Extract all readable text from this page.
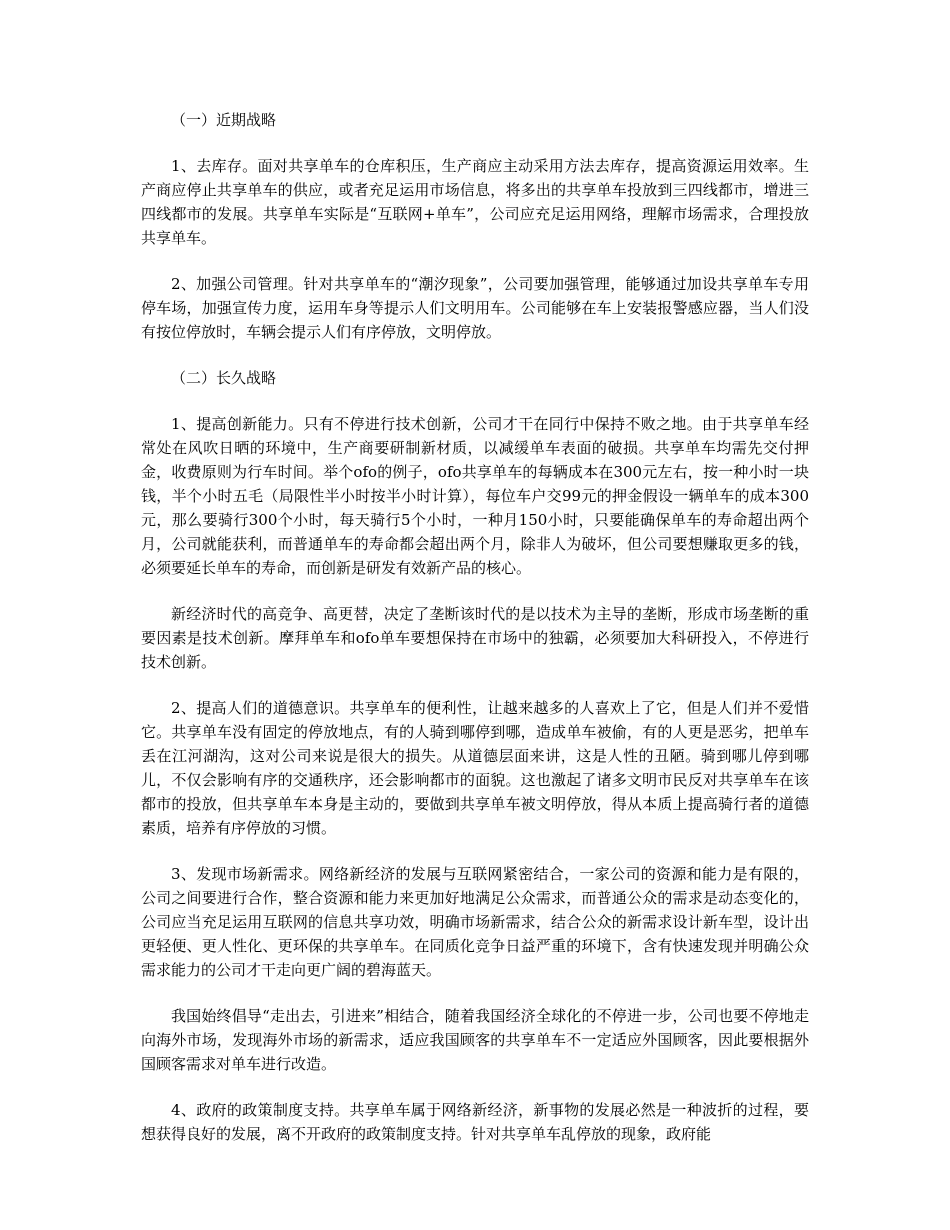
（一）近期战略

1、去库存。面对共享单车的仓库积压，生产商应主动采用方法去库存，提高资源运用效率。生产商应停止共享单车的供应，或者充足运用市场信息，将多出的共享单车投放到三四线都市，增进三四线都市的发展。共享单车实际是“互联网+单车”，公司应充足运用网络，理解市场需求，合理投放共享单车。

2、加强公司管理。针对共享单车的“潮汐现象”，公司要加强管理，能够通过加设共享单车专用停车场，加强宣传力度，运用车身等提示人们文明用车。公司能够在车上安装报警感应器，当人们没有按位停放时，车辆会提示人们有序停放，文明停放。

（二）长久战略

1、提高创新能力。只有不停进行技术创新，公司才干在同行中保持不败之地。由于共享单车经常处在风吹日晒的环境中，生产商要研制新材质，以减缓单车表面的破损。共享单车均需先交付押金，收费原则为行车时间。举个ofo的例子，ofo共享单车的每辆成本在300元左右，按一种小时一块钱，半个小时五毛（局限性半小时按半小时计算），每位车户交99元的押金假设一辆单车的成本300元，那么要骑行300个小时，每天骑行5个小时，一种月150小时，只要能确保单车的寿命超出两个月，公司就能获利，而普通单车的寿命都会超出两个月，除非人为破坏，但公司要想赚取更多的钱，必须要延长单车的寿命，而创新是研发有效新产品的核心。

新经济时代的高竞争、高更替，决定了垄断该时代的是以技术为主导的垄断，形成市场垄断的重要因素是技术创新。摩拜单车和ofo单车要想保持在市场中的独霸，必须要加大科研投入，不停进行技术创新。

2、提高人们的道德意识。共享单车的便利性，让越来越多的人喜欢上了它，但是人们并不爱惜它。共享单车没有固定的停放地点，有的人骑到哪停到哪，造成单车被偷，有的人更是恶劣，把单车丢在江河湖沟，这对公司来说是很大的损失。从道德层面来讲，这是人性的丑陋。骑到哪儿停到哪儿，不仅会影响有序的交通秩序，还会影响都市的面貌。这也激起了诸多文明市民反对共享单车在该都市的投放，但共享单车本身是主动的，要做到共享单车被文明停放，得从本质上提高骑行者的道德素质，培养有序停放的习惯。

3、发现市场新需求。网络新经济的发展与互联网紧密结合，一家公司的资源和能力是有限的，公司之间要进行合作，整合资源和能力来更加好地满足公众需求，而普通公众的需求是动态变化的，公司应当充足运用互联网的信息共享功效，明确市场新需求，结合公众的新需求设计新车型，设计出更轻便、更人性化、更环保的共享单车。在同质化竞争日益严重的环境下，含有快速发现并明确公众需求能力的公司才干走向更广阔的碧海蓝天。

我国始终倡导“走出去，引进来”相结合，随着我国经济全球化的不停进一步，公司也要不停地走向海外市场，发现海外市场的新需求，适应我国顾客的共享单车不一定适应外国顾客，因此要根据外国顾客需求对单车进行改造。

4、政府的政策制度支持。共享单车属于网络新经济，新事物的发展必然是一种波折的过程，要想获得良好的发展，离不开政府的政策制度支持。针对共享单车乱停放的现象，政府能
